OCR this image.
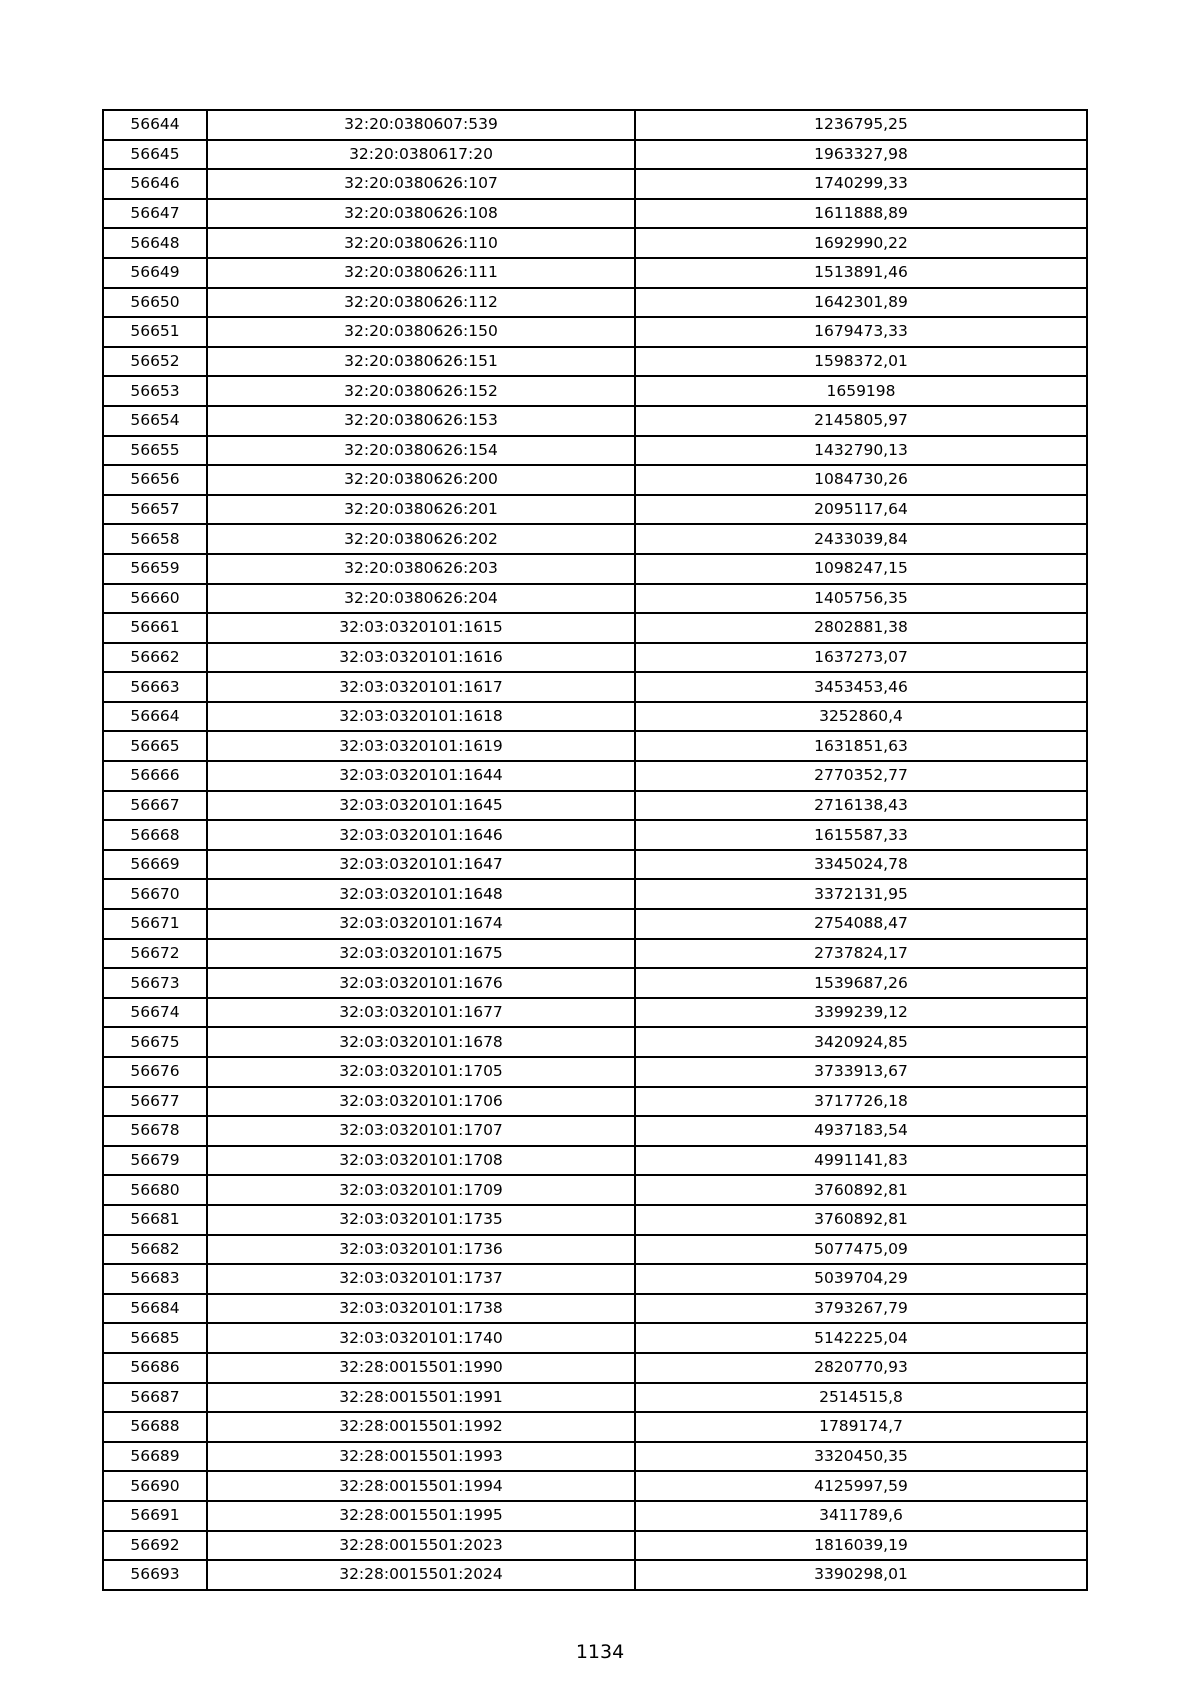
56644	32:20:0380607:539	1236795,25
56645	32:20:0380617:20	1963327,98
56646	32:20:0380626:107	1740299,33
56647	32:20:0380626:108	1611888,89
56648	32:20:0380626:110	1692990,22
56649	32:20:0380626:111	1513891,46
56650	32:20:0380626:112	1642301,89
56651	32:20:0380626:150	1679473,33
56652	32:20:0380626:151	1598372,01
56653	32:20:0380626:152	1659198
56654	32:20:0380626:153	2145805,97
56655	32:20:0380626:154	1432790,13
56656	32:20:0380626:200	1084730,26
56657	32:20:0380626:201	2095117,64
56658	32:20:0380626:202	2433039,84
56659	32:20:0380626:203	1098247,15
56660	32:20:0380626:204	1405756,35
56661	32:03:0320101:1615	2802881,38
56662	32:03:0320101:1616	1637273,07
56663	32:03:0320101:1617	3453453,46
56664	32:03:0320101:1618	3252860,4
56665	32:03:0320101:1619	1631851,63
56666	32:03:0320101:1644	2770352,77
56667	32:03:0320101:1645	2716138,43
56668	32:03:0320101:1646	1615587,33
56669	32:03:0320101:1647	3345024,78
56670	32:03:0320101:1648	3372131,95
56671	32:03:0320101:1674	2754088,47
56672	32:03:0320101:1675	2737824,17
56673	32:03:0320101:1676	1539687,26
56674	32:03:0320101:1677	3399239,12
56675	32:03:0320101:1678	3420924,85
56676	32:03:0320101:1705	3733913,67
56677	32:03:0320101:1706	3717726,18
56678	32:03:0320101:1707	4937183,54
56679	32:03:0320101:1708	4991141,83
56680	32:03:0320101:1709	3760892,81
56681	32:03:0320101:1735	3760892,81
56682	32:03:0320101:1736	5077475,09
56683	32:03:0320101:1737	5039704,29
56684	32:03:0320101:1738	3793267,79
56685	32:03:0320101:1740	5142225,04
56686	32:28:0015501:1990	2820770,93
56687	32:28:0015501:1991	2514515,8
56688	32:28:0015501:1992	1789174,7
56689	32:28:0015501:1993	3320450,35
56690	32:28:0015501:1994	4125997,59
56691	32:28:0015501:1995	3411789,6
56692	32:28:0015501:2023	1816039,19
56693	32:28:0015501:2024	3390298,01
1134
